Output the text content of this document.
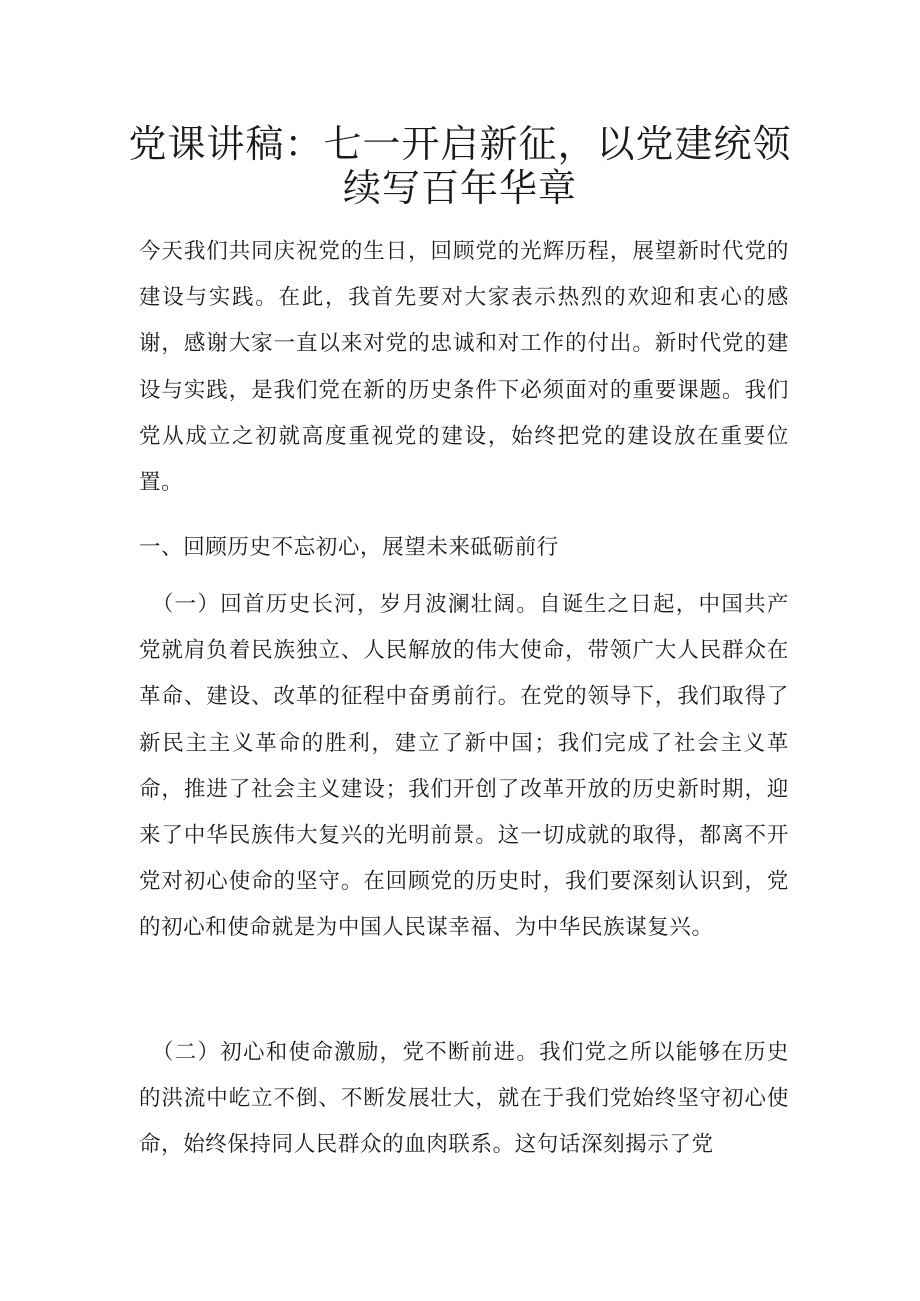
党课讲稿：七一开启新征，以党建统领续写百年华章

今天我们共同庆祝党的生日，回顾党的光辉历程，展望新时代党的建设与实践。在此，我首先要对大家表示热烈的欢迎和衷心的感谢，感谢大家一直以来对党的忠诚和对工作的付出。新时代党的建设与实践，是我们党在新的历史条件下必须面对的重要课题。我们党从成立之初就高度重视党的建设，始终把党的建设放在重要位置。

一、回顾历史不忘初心，展望未来砥砺前行

（一）回首历史长河，岁月波澜壮阔。自诞生之日起，中国共产党就肩负着民族独立、人民解放的伟大使命，带领广大人民群众在革命、建设、改革的征程中奋勇前行。在党的领导下，我们取得了新民主主义革命的胜利，建立了新中国；我们完成了社会主义革命，推进了社会主义建设；我们开创了改革开放的历史新时期，迎来了中华民族伟大复兴的光明前景。这一切成就的取得，都离不开党对初心使命的坚守。在回顾党的历史时，我们要深刻认识到，党的初心和使命就是为中国人民谋幸福、为中华民族谋复兴。

（二）初心和使命激励，党不断前进。我们党之所以能够在历史的洪流中屹立不倒、不断发展壮大，就在于我们党始终坚守初心使命，始终保持同人民群众的血肉联系。这句话深刻揭示了党
